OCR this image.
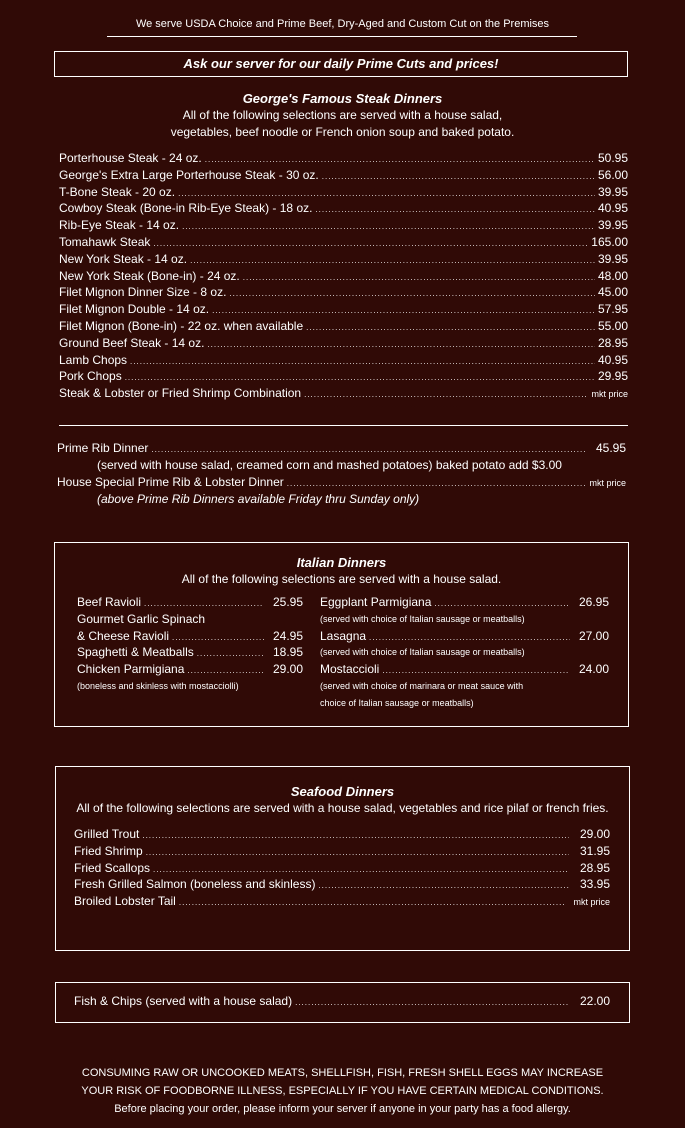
We serve USDA Choice and Prime Beef, Dry-Aged and Custom Cut on the Premises
Ask our server for our daily Prime Cuts and prices!
George's Famous Steak Dinners
All of the following selections are served with a house salad,
vegetables, beef noodle or French onion soup and baked potato.
Porterhouse Steak - 24 oz. .....	50.95
George's Extra Large Porterhouse Steak - 30 oz. .....	56.00
T-Bone Steak - 20 oz. .....	39.95
Cowboy Steak (Bone-in Rib-Eye Steak) - 18 oz. .....	40.95
Rib-Eye Steak - 14 oz. .....	39.95
Tomahawk Steak .....	165.00
New York Steak - 14 oz. .....	39.95
New York Steak (Bone-in) - 24 oz. .....	48.00
Filet Mignon Dinner Size - 8 oz. .....	45.00
Filet Mignon Double - 14 oz. .....	57.95
Filet Mignon (Bone-in) - 22 oz. when available .....	55.00
Ground Beef Steak - 14 oz. .....	28.95
Lamb Chops .....	40.95
Pork Chops .....	29.95
Steak & Lobster or Fried Shrimp Combination .....	mkt price
Prime Rib Dinner .....	45.95
(served with house salad, creamed corn and mashed potatoes) baked potato add $3.00
House Special Prime Rib & Lobster Dinner .....	mkt price
(above Prime Rib Dinners available Friday thru Sunday only)
Italian Dinners
All of the following selections are served with a house salad.
Beef Ravioli .....	25.95
Gourmet Garlic Spinach
& Cheese Ravioli .....	24.95
Spaghetti & Meatballs .....	18.95
Chicken Parmigiana .....	29.00
(boneless and skinless with mostacciolli)
Eggplant Parmigiana .....	26.95
(served with choice of Italian sausage or meatballs)
Lasagna .....	27.00
(served with choice of Italian sausage or meatballs)
Mostaccioli .....	24.00
(served with choice of marinara or meat sauce with
choice of Italian sausage or meatballs)
Seafood Dinners
All of the following selections are served with a house salad, vegetables and rice pilaf or french fries.
Grilled Trout .....	29.00
Fried Shrimp .....	31.95
Fried Scallops .....	28.95
Fresh Grilled Salmon (boneless and skinless) .....	33.95
Broiled Lobster Tail .....	mkt price
Fish & Chips (served with a house salad) .....	22.00
CONSUMING RAW OR UNCOOKED MEATS, SHELLFISH, FISH, FRESH SHELL EGGS MAY INCREASE
YOUR RISK OF FOODBORNE ILLNESS, ESPECIALLY IF YOU HAVE CERTAIN MEDICAL CONDITIONS.
Before placing your order, please inform your server if anyone in your party has a food allergy.
